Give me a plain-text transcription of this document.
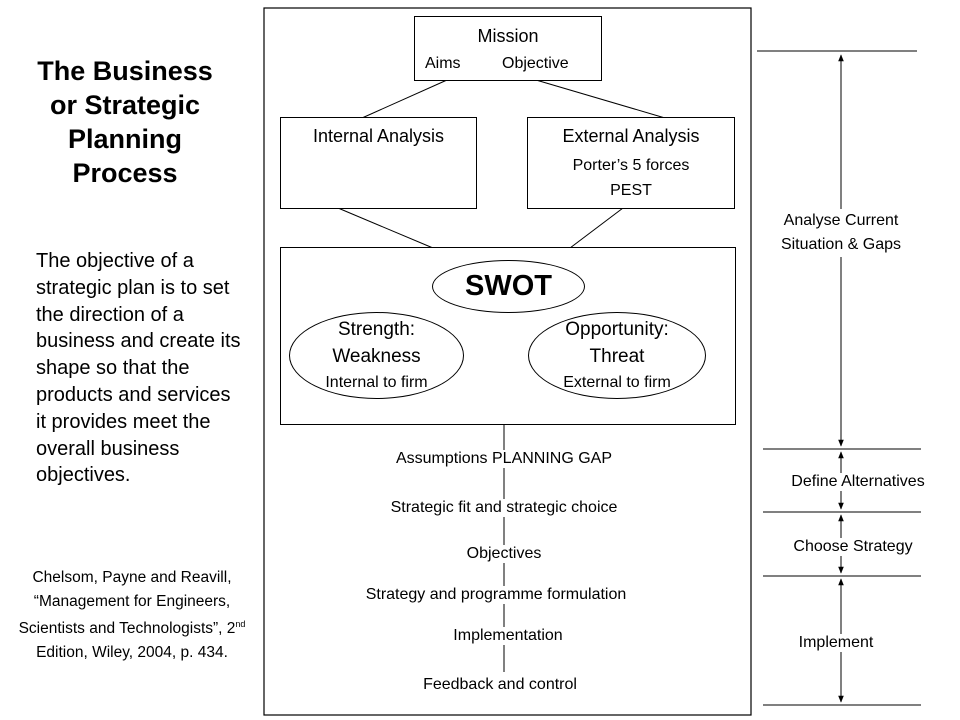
The Business
or Strategic
Planning
Process
The objective of a strategic plan is to set the direction of a business and create its shape so that the products and services it provides meet the overall business objectives.
Chelsom, Payne and Reavill, “Management for Engineers, Scientists and Technologists”, 2nd Edition, Wiley, 2004, p. 434.
Mission
Aims	Objective
Internal Analysis	External Analysis
Porter’s 5 forces
PEST
SWOT
Strength:
Weakness
Internal to firm
Opportunity:
Threat
External to firm
Assumptions PLANNING GAP
Strategic fit and strategic choice
Objectives
Strategy and programme formulation
Implementation
Feedback and control
Analyse Current
Situation & Gaps
Define Alternatives
Choose Strategy
Implement
